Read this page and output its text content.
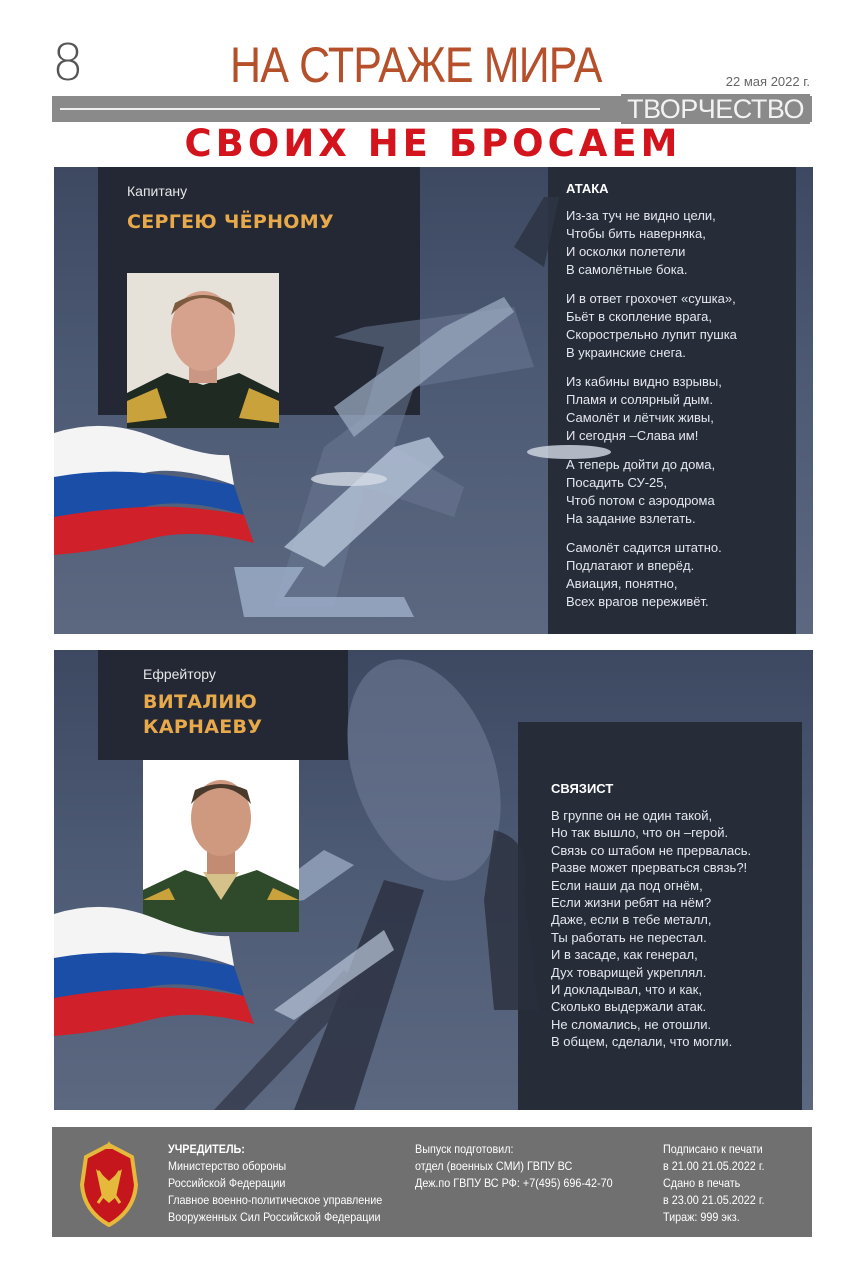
8	НА СТРАЖЕ МИРА	22 мая 2022 г.
ТВОРЧЕСТВО
СВОИХ НЕ БРОСАЕМ
Капитану
СЕРГЕЮ ЧЁРНОМУ
АТАКА
Из-за туч не видно цели,
Чтобы бить наверняка,
И осколки полетели
В самолётные бока.
И в ответ грохочет «сушка»,
Бьёт в скопление врага,
Скорострельно лупит пушка
В украинские снега.
Из кабины видно взрывы,
Пламя и солярный дым.
Самолёт и лётчик живы,
И сегодня –Слава им!
А теперь дойти до дома,
Посадить СУ-25,
Чтоб потом с аэродрома
На задание взлетать.
Самолёт садится штатно.
Подлатают и вперёд.
Авиация, понятно,
Всех врагов переживёт.
Ефрейтору
ВИТАЛИЮ
КАРНАЕВУ
СВЯЗИСТ
В группе он не один такой,
Но так вышло, что он –герой.
Связь со штабом не прервалась.
Разве может прерваться связь?!
Если наши да под огнём,
Если жизни ребят на нём?
Даже, если в тебе металл,
Ты работать не перестал.
И в засаде, как генерал,
Дух товарищей укреплял.
И докладывал, что и как,
Сколько выдержали атак.
Не сломались, не отошли.
В общем, сделали, что могли.
УЧРЕДИТЕЛЬ:
Министерство обороны
Российской Федерации
Главное военно-политическое управление
Вооруженных Сил Российской Федерации
Выпуск подготовил:
отдел (военных СМИ) ГВПУ ВС
Деж.по ГВПУ ВС РФ: +7(495) 696-42-70
Подписано к печати
в 21.00 21.05.2022 г.
Сдано в печать
в 23.00 21.05.2022 г.
Тираж: 999 экз.
